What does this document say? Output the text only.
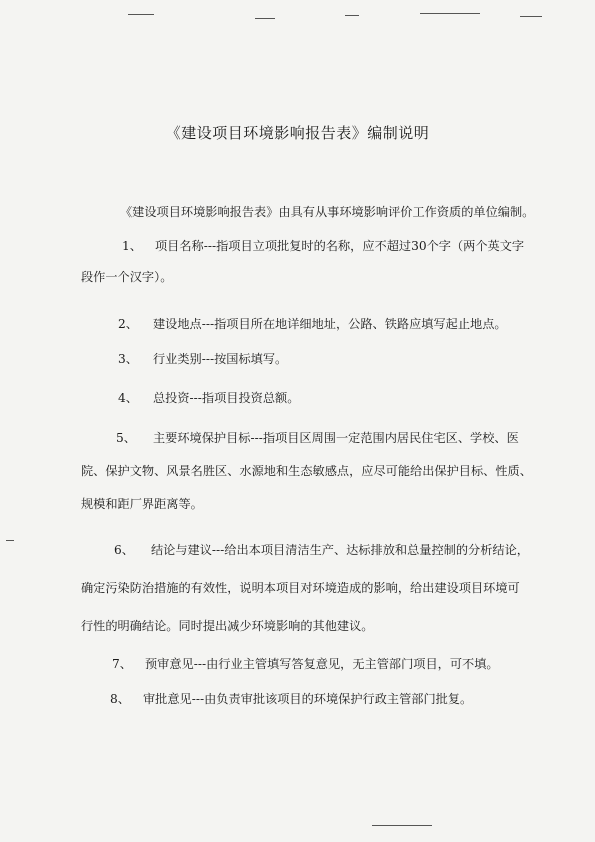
《建设项目环境影响报告表》编制说明
《建设项目环境影响报告表》由具有从事环境影响评价工作资质的单位编制。
1、 项目名称---指项目立项批复时的名称，应不超过30个字（两个英文字
段作一个汉字）。
2、 建设地点---指项目所在地详细地址，公路、铁路应填写起止地点。
3、 行业类别---按国标填写。
4、 总投资---指项目投资总额。
5、 主要环境保护目标---指项目区周围一定范围内居民住宅区、学校、医
院、保护文物、风景名胜区、水源地和生态敏感点，应尽可能给出保护目标、性质、
规模和距厂界距离等。
6、 结论与建议---给出本项目清洁生产、达标排放和总量控制的分析结论，
确定污染防治措施的有效性，说明本项目对环境造成的影响，给出建设项目环境可
行性的明确结论。同时提出减少环境影响的其他建议。
7、 预审意见---由行业主管填写答复意见，无主管部门项目，可不填。
8、 审批意见---由负责审批该项目的环境保护行政主管部门批复。
